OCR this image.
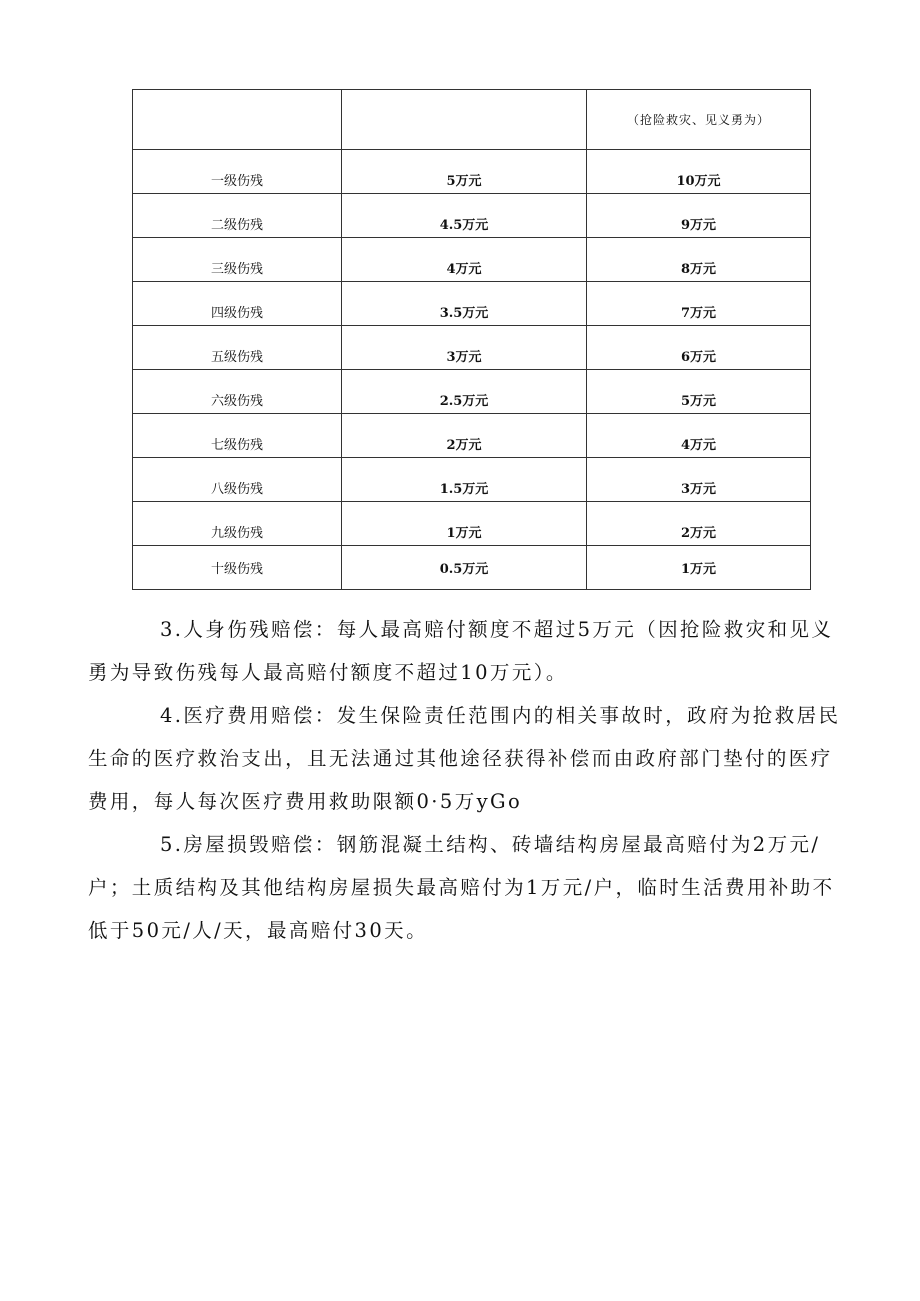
		（抢险救灾、见义勇为）
一级伤残	5万元	10万元
二级伤残	4.5万元	9万元
三级伤残	4万元	8万元
四级伤残	3.5万元	7万元
五级伤残	3万元	6万元
六级伤残	2.5万元	5万元
七级伤残	2万元	4万元
八级伤残	1.5万元	3万元
九级伤残	1万元	2万元
十级伤残	0.5万元	1万元

3.人身伤残赔偿：每人最高赔付额度不超过5万元（因抢险救灾和见义勇为导致伤残每人最高赔付额度不超过10万元）。

4.医疗费用赔偿：发生保险责任范围内的相关事故时，政府为抢救居民生命的医疗救治支出，且无法通过其他途径获得补偿而由政府部门垫付的医疗费用，每人每次医疗费用救助限额0·5万yGo

5.房屋损毁赔偿：钢筋混凝土结构、砖墙结构房屋最高赔付为2万元/户；土质结构及其他结构房屋损失最高赔付为1万元/户，临时生活费用补助不低于50元/人/天，最高赔付30天。
